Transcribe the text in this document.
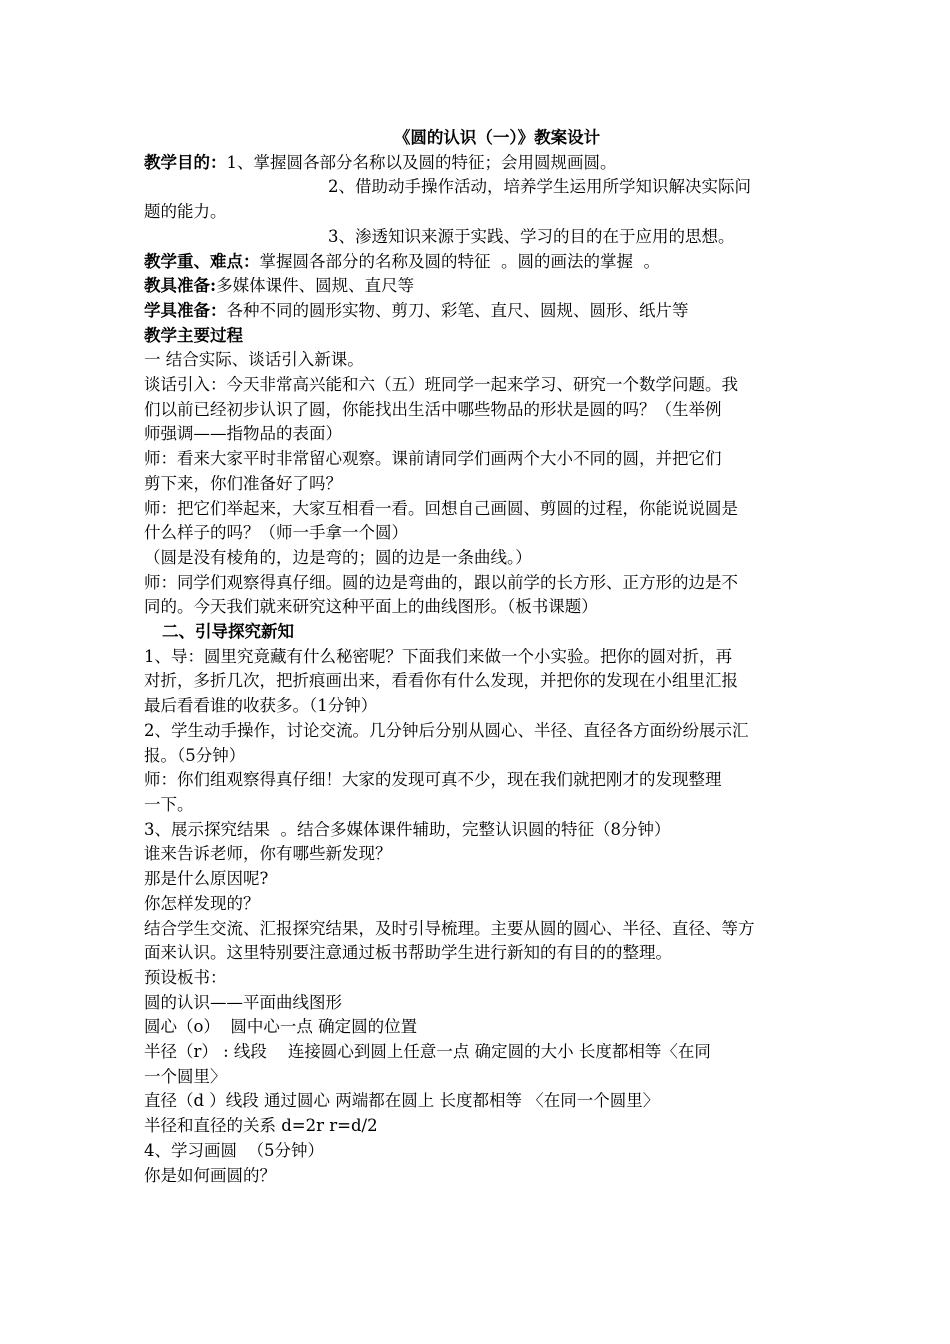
《圆的认识（一）》教案设计

教学目的：1、掌握圆各部分名称以及圆的特征；会用圆规画圆。

2、借助动手操作活动，培养学生运用所学知识解决实际问

题的能力。

3、渗透知识来源于实践、学习的目的在于应用的思想。

教学重、难点：掌握圆各部分的名称及圆的特征  。圆的画法的掌握  。

教具准备:多媒体课件、圆规、直尺等

学具准备：各种不同的圆形实物、剪刀、彩笔、直尺、圆规、圆形、纸片等

教学主要过程

一 结合实际、谈话引入新课。

谈话引入：今天非常高兴能和六（五）班同学一起来学习、研究一个数学问题。我

们以前已经初步认识了圆，你能找出生活中哪些物品的形状是圆的吗？（生举例

师强调——指物品的表面）

师：看来大家平时非常留心观察。课前请同学们画两个大小不同的圆，并把它们

剪下来，你们准备好了吗？

师：把它们举起来，大家互相看一看。回想自己画圆、剪圆的过程，你能说说圆是

什么样子的吗？（师一手拿一个圆）

（圆是没有棱角的，边是弯的；圆的边是一条曲线。）

师：同学们观察得真仔细。圆的边是弯曲的，跟以前学的长方形、正方形的边是不

同的。今天我们就来研究这种平面上的曲线图形。（板书课题）

二、引导探究新知

1、导：圆里究竟藏有什么秘密呢？下面我们来做一个小实验。把你的圆对折，再

对折，多折几次，把折痕画出来，看看你有什么发现，并把你的发现在小组里汇报

最后看看谁的收获多。（1分钟）

2、学生动手操作，讨论交流。几分钟后分别从圆心、半径、直径各方面纷纷展示汇

报。（5分钟）

师：你们组观察得真仔细！大家的发现可真不少，现在我们就把刚才的发现整理

一下。

3、展示探究结果  。结合多媒体课件辅助，完整认识圆的特征（8分钟）

谁来告诉老师，你有哪些新发现？

那是什么原因呢?

你怎样发现的？

结合学生交流、汇报探究结果，及时引导梳理。主要从圆的圆心、半径、直径、等方

面来认识。这里特别要注意通过板书帮助学生进行新知的有目的的整理。

预设板书：

圆的认识——平面曲线图形

圆心（o）  圆中心一点 确定圆的位置

半径（r） : 线段    连接圆心到圆上任意一点 确定圆的大小 长度都相等〈在同

一个圆里〉

直径（d ）线段 通过圆心 两端都在圆上 长度都相等 〈在同一个圆里〉

半径和直径的关系 d=2r r=d/2

4、学习画圆  （5分钟）

你是如何画圆的？
